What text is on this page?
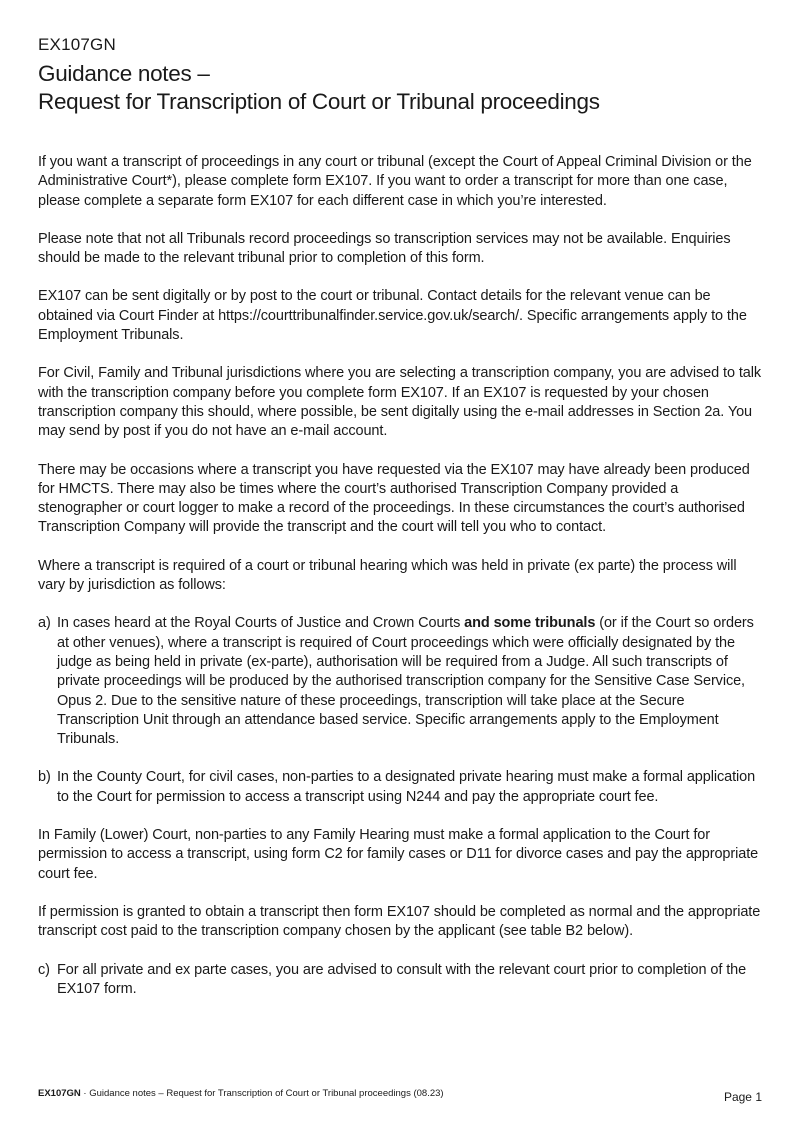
EX107GN
Guidance notes –
Request for Transcription of Court or Tribunal proceedings

If you want a transcript of proceedings in any court or tribunal (except the Court of Appeal Criminal Division or the Administrative Court*), please complete form EX107. If you want to order a transcript for more than one case, please complete a separate form EX107 for each different case in which you’re interested.

Please note that not all Tribunals record proceedings so transcription services may not be available. Enquiries should be made to the relevant tribunal prior to completion of this form.

EX107 can be sent digitally or by post to the court or tribunal. Contact details for the relevant venue can be obtained via Court Finder at https://courttribunalfinder.service.gov.uk/search/. Specific arrangements apply to the Employment Tribunals.

For Civil, Family and Tribunal jurisdictions where you are selecting a transcription company, you are advised to talk with the transcription company before you complete form EX107. If an EX107 is requested by your chosen transcription company this should, where possible, be sent digitally using the e-mail addresses in Section 2a. You may send by post if you do not have an e-mail account.

There may be occasions where a transcript you have requested via the EX107 may have already been produced for HMCTS. There may also be times where the court’s authorised Transcription Company provided a stenographer or court logger to make a record of the proceedings. In these circumstances the court’s authorised Transcription Company will provide the transcript and the court will tell you who to contact.

Where a transcript is required of a court or tribunal hearing which was held in private (ex parte) the process will vary by jurisdiction as follows:

a) In cases heard at the Royal Courts of Justice and Crown Courts and some tribunals (or if the Court so orders at other venues), where a transcript is required of Court proceedings which were officially designated by the judge as being held in private (ex-parte), authorisation will be required from a Judge. All such transcripts of private proceedings will be produced by the authorised transcription company for the Sensitive Case Service, Opus 2. Due to the sensitive nature of these proceedings, transcription will take place at the Secure Transcription Unit through an attendance based service. Specific arrangements apply to the Employment Tribunals.
b) In the County Court, for civil cases, non-parties to a designated private hearing must make a formal application to the Court for permission to access a transcript using N244 and pay the appropriate court fee.

In Family (Lower) Court, non-parties to any Family Hearing must make a formal application to the Court for permission to access a transcript, using form C2 for family cases or D11 for divorce cases and pay the appropriate court fee.

If permission is granted to obtain a transcript then form EX107 should be completed as normal and the appropriate transcript cost paid to the transcription company chosen by the applicant (see table B2 below).

c) For all private and ex parte cases, you are advised to consult with the relevant court prior to completion of the EX107 form.
EX107GN · Guidance notes – Request for Transcription of Court or Tribunal proceedings (08.23)	Page 1
